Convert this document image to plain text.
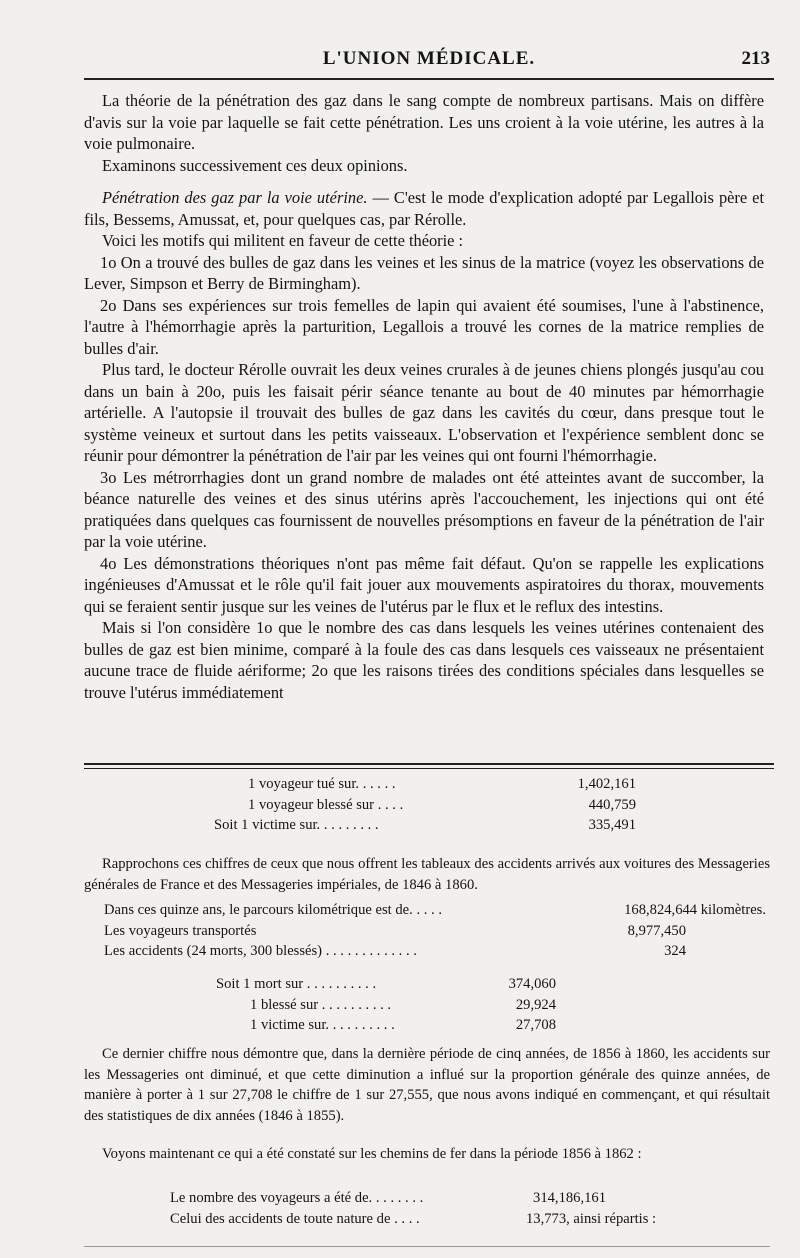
L'UNION MÉDICALE.	213

La théorie de la pénétration des gaz dans le sang compte de nombreux partisans. Mais on diffère d'avis sur la voie par laquelle se fait cette pénétration. Les uns croient à la voie utérine, les autres à la voie pulmonaire.

Examinons successivement ces deux opinions.

Pénétration des gaz par la voie utérine. — C'est le mode d'explication adopté par Legallois père et fils, Bessems, Amussat, et, pour quelques cas, par Rérolle.

Voici les motifs qui militent en faveur de cette théorie :

1o On a trouvé des bulles de gaz dans les veines et les sinus de la matrice (voyez les observations de Lever, Simpson et Berry de Birmingham).

2o Dans ses expériences sur trois femelles de lapin qui avaient été soumises, l'une à l'abstinence, l'autre à l'hémorrhagie après la parturition, Legallois a trouvé les cornes de la matrice remplies de bulles d'air.

Plus tard, le docteur Rérolle ouvrait les deux veines crurales à de jeunes chiens plongés jusqu'au cou dans un bain à 20o, puis les faisait périr séance tenante au bout de 40 minutes par hémorrhagie artérielle. A l'autopsie il trouvait des bulles de gaz dans les cavités du cœur, dans presque tout le système veineux et surtout dans les petits vaisseaux. L'observation et l'expérience semblent donc se réunir pour démontrer la pénétration de l'air par les veines qui ont fourni l'hémorrhagie.

3o Les métrorrhagies dont un grand nombre de malades ont été atteintes avant de succomber, la béance naturelle des veines et des sinus utérins après l'accouchement, les injections qui ont été pratiquées dans quelques cas fournissent de nouvelles présomptions en faveur de la pénétration de l'air par la voie utérine.

4o Les démonstrations théoriques n'ont pas même fait défaut. Qu'on se rappelle les explications ingénieuses d'Amussat et le rôle qu'il fait jouer aux mouvements aspiratoires du thorax, mouvements qui se feraient sentir jusque sur les veines de l'utérus par le flux et le reflux des intestins.

Mais si l'on considère 1o que le nombre des cas dans lesquels les veines utérines contenaient des bulles de gaz est bien minime, comparé à la foule des cas dans lesquels ces vaisseaux ne présentaient aucune trace de fluide aériforme; 2o que les raisons tirées des conditions spéciales dans lesquelles se trouve l'utérus immédiatement

1 voyageur tué sur. . . . . .	1,402,161
1 voyageur blessé sur . . . .	440,759
Soit 1 victime sur. . . . . . . . .	335,491

Rapprochons ces chiffres de ceux que nous offrent les tableaux des accidents arrivés aux voitures des Messageries générales de France et des Messageries impériales, de 1846 à 1860.

Dans ces quinze ans, le parcours kilométrique est de. . . . .	168,824,644 kilomètres.
Les voyageurs transportés	8,977,450
Les accidents (24 morts, 300 blessés) . . . . . . . . . . . . .	324
Soit 1 mort sur . . . . . . . . . .	374,060
1 blessé sur . . . . . . . . . .	29,924
1 victime sur. . . . . . . . . .	27,708

Ce dernier chiffre nous démontre que, dans la dernière période de cinq années, de 1856 à 1860, les accidents sur les Messageries ont diminué, et que cette diminution a influé sur la proportion générale des quinze années, de manière à porter à 1 sur 27,708 le chiffre de 1 sur 27,555, que nous avons indiqué en commençant, et qui résultait des statistiques de dix années (1846 à 1855).

Voyons maintenant ce qui a été constaté sur les chemins de fer dans la période 1856 à 1862 :

Le nombre des voyageurs a été de. . . . . . . .	314,186,161
Celui des accidents de toute nature de . . . .	13,773, ainsi répartis :
